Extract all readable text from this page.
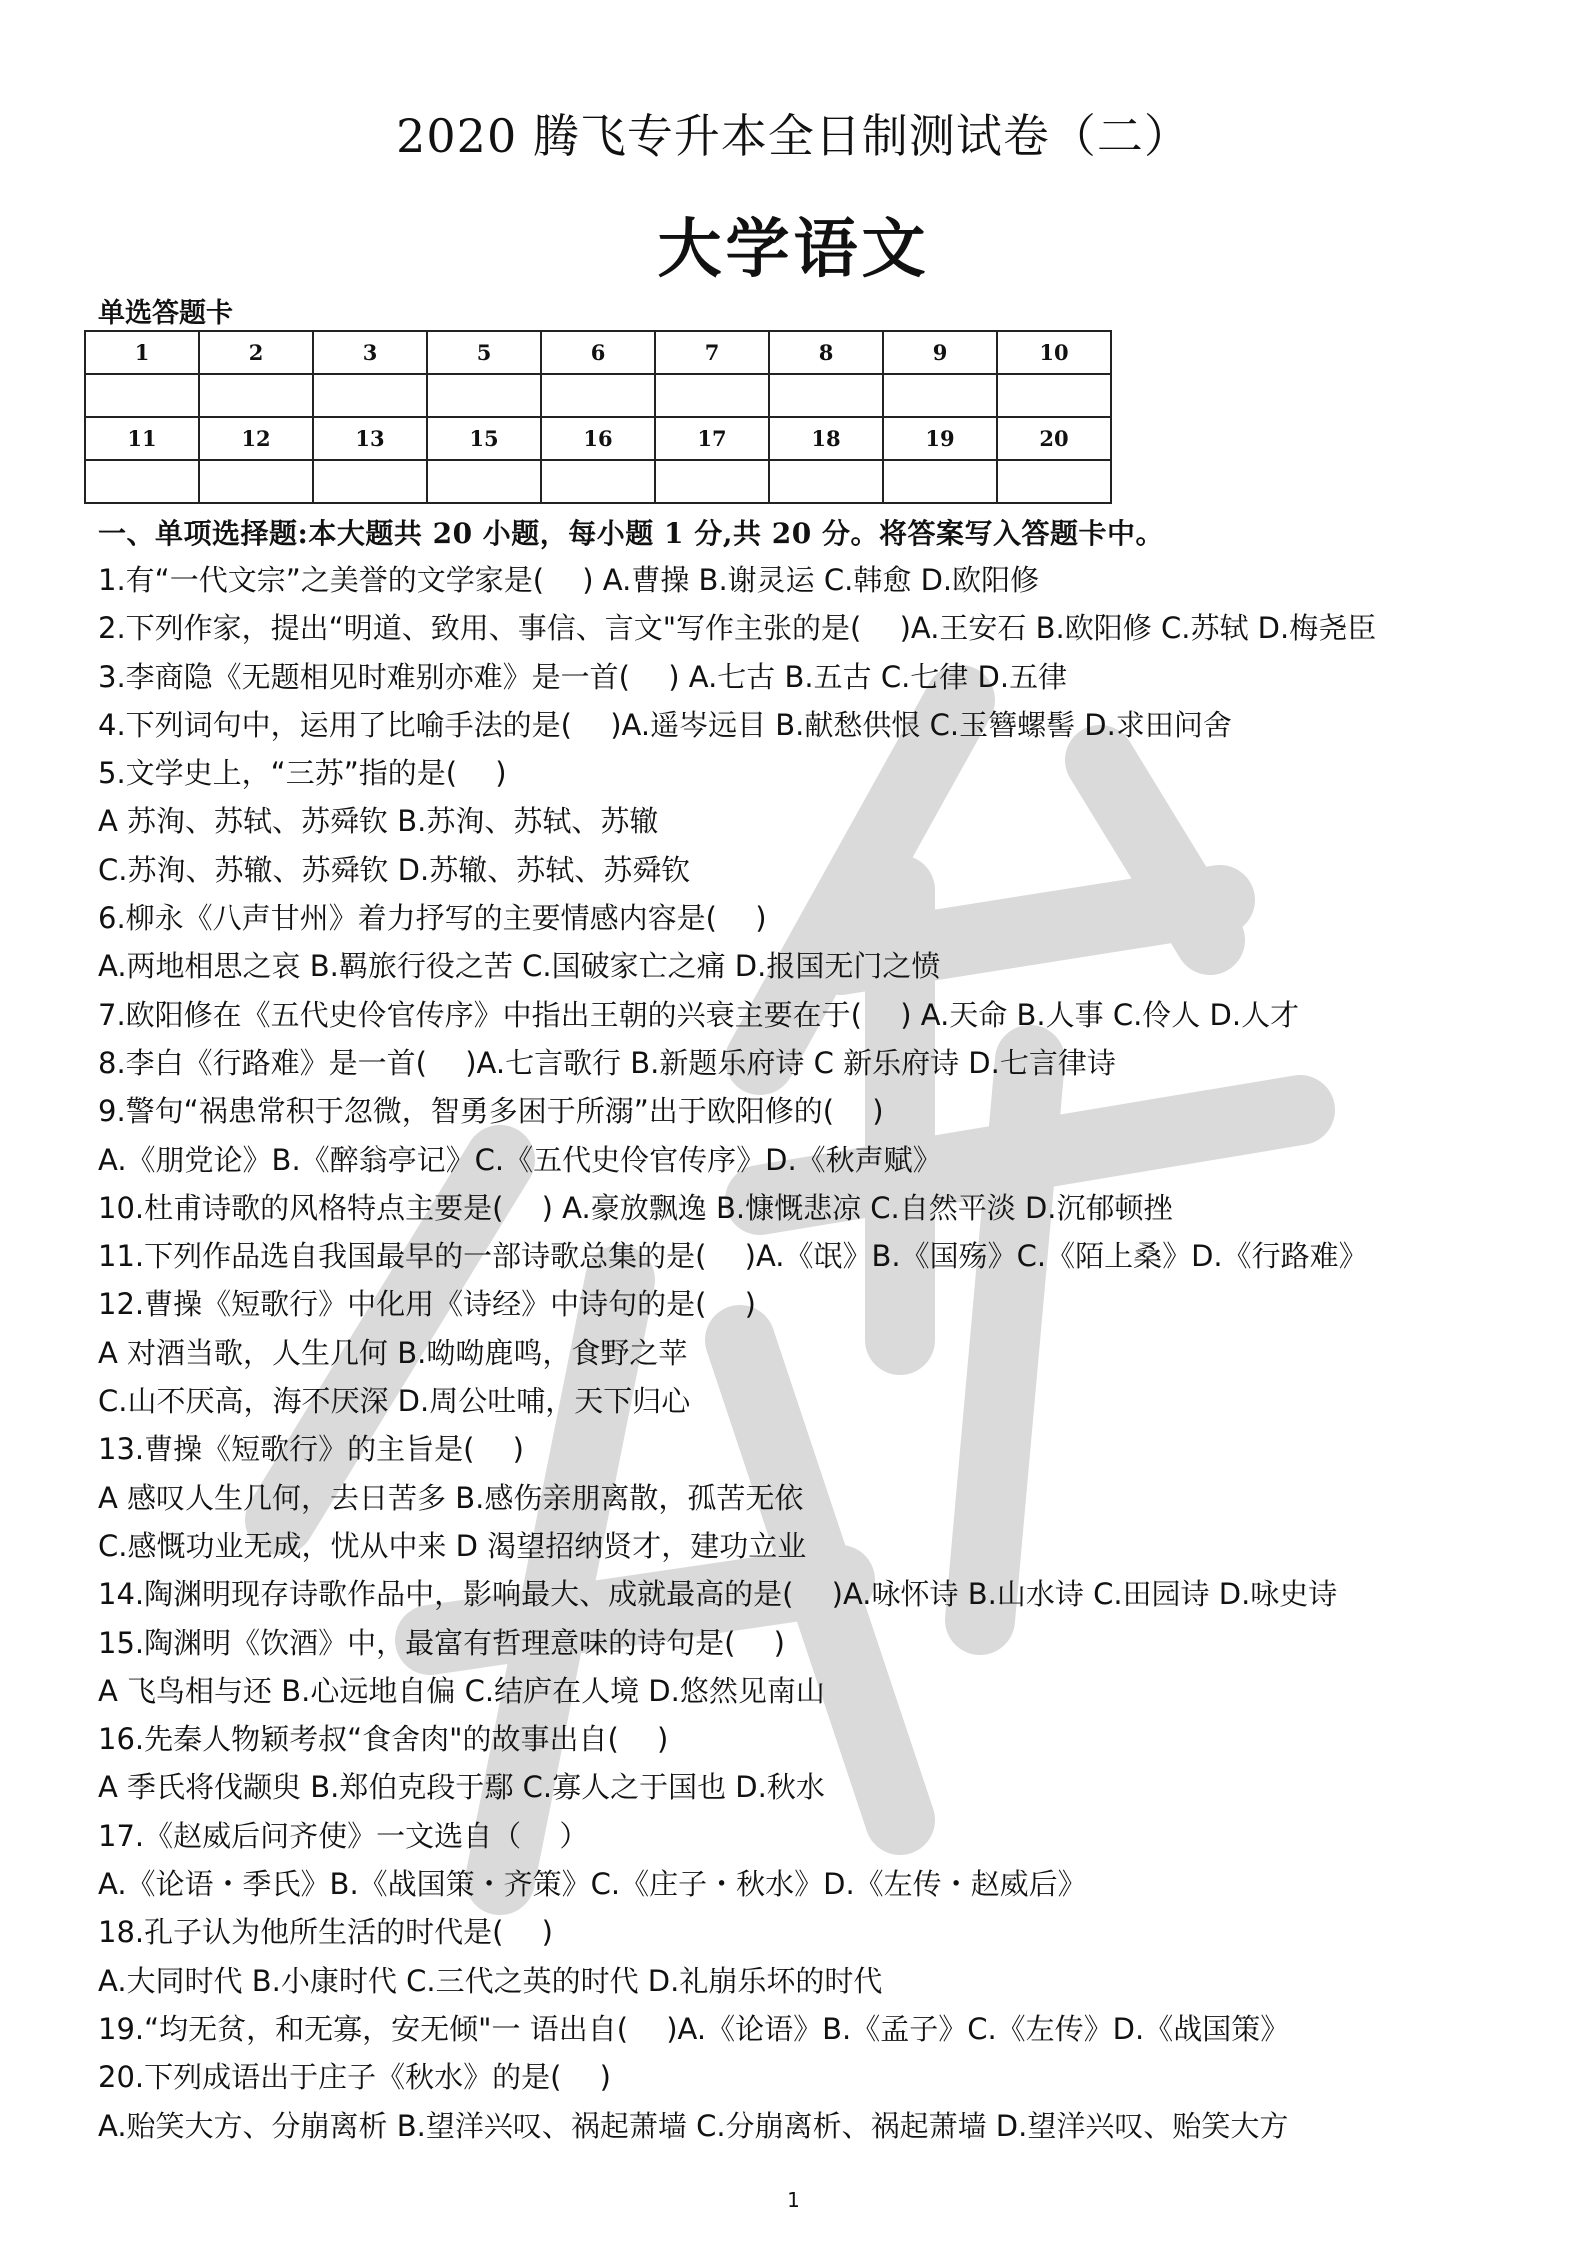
2020 腾飞专升本全日制测试卷（二）
大学语文
单选答题卡
1	2	3	5	6	7	8	9	10

11	12	13	15	16	17	18	19	20

一、单项选择题:本大题共 20 小题，每小题 1 分,共 20 分。将答案写入答题卡中。
1.有“一代文宗”之美誉的文学家是(　 ) A.曹操 B.谢灵运 C.韩愈 D.欧阳修
2.下列作家，提出“明道、致用、事信、言文"写作主张的是(　 )A.王安石 B.欧阳修 C.苏轼 D.梅尧臣
3.李商隐《无题相见时难别亦难》是一首(　 ) A.七古 B.五古 C.七律 D.五律
4.下列词句中，运用了比喻手法的是(　 )A.遥岑远目 B.献愁供恨 C.玉簪螺髻 D.求田问舍
5.文学史上，“三苏”指的是(　 )
A 苏洵、苏轼、苏舜钦 B.苏洵、苏轼、苏辙
C.苏洵、苏辙、苏舜钦 D.苏辙、苏轼、苏舜钦
6.柳永《八声甘州》着力抒写的主要情感内容是(　 )
A.两地相思之哀 B.羁旅行役之苦 C.国破家亡之痛 D.报国无门之愤
7.欧阳修在《五代史伶官传序》中指出王朝的兴衰主要在于(　 ) A.天命 B.人事 C.伶人 D.人才
8.李白《行路难》是一首(　 )A.七言歌行 B.新题乐府诗 C 新乐府诗 D.七言律诗
9.警句“祸患常积于忽微，智勇多困于所溺”出于欧阳修的(　 )
A.《朋党论》B.《醉翁亭记》C.《五代史伶官传序》D.《秋声赋》
10.杜甫诗歌的风格特点主要是(　 ) A.豪放飘逸 B.慷慨悲凉 C.自然平淡 D.沉郁顿挫
11.下列作品选自我国最早的一部诗歌总集的是(　 )A.《氓》B.《国殇》C.《陌上桑》D.《行路难》
12.曹操《短歌行》中化用《诗经》中诗句的是(　 )
A 对酒当歌，人生几何 B.呦呦鹿鸣，食野之苹
C.山不厌高，海不厌深 D.周公吐哺，天下归心
13.曹操《短歌行》的主旨是(　 )
A 感叹人生几何，去日苦多 B.感伤亲朋离散，孤苦无依
C.感慨功业无成，忧从中来 D 渴望招纳贤才，建功立业
14.陶渊明现存诗歌作品中，影响最大、成就最高的是(　 )A.咏怀诗 B.山水诗 C.田园诗 D.咏史诗
15.陶渊明《饮酒》中，最富有哲理意味的诗句是(　 )
A 飞鸟相与还 B.心远地自偏 C.结庐在人境 D.悠然见南山
16.先秦人物颖考叔“食舍肉"的故事出自(　 )
A 季氏将伐颛臾 B.郑伯克段于鄢 C.寡人之于国也 D.秋水
17.《赵威后问齐使》一文选自（　 ）
A.《论语・季氏》B.《战国策・齐策》C.《庄子・秋水》D.《左传・赵威后》
18.孔子认为他所生活的时代是(　 )
A.大同时代 B.小康时代 C.三代之英的时代 D.礼崩乐坏的时代
19.“均无贫，和无寡，安无倾"一 语出自(　 )A.《论语》B.《孟子》C.《左传》D.《战国策》
20.下列成语出于庄子《秋水》的是(　 )
A.贻笑大方、分崩离析 B.望洋兴叹、祸起萧墙 C.分崩离析、祸起萧墙 D.望洋兴叹、贻笑大方
1
